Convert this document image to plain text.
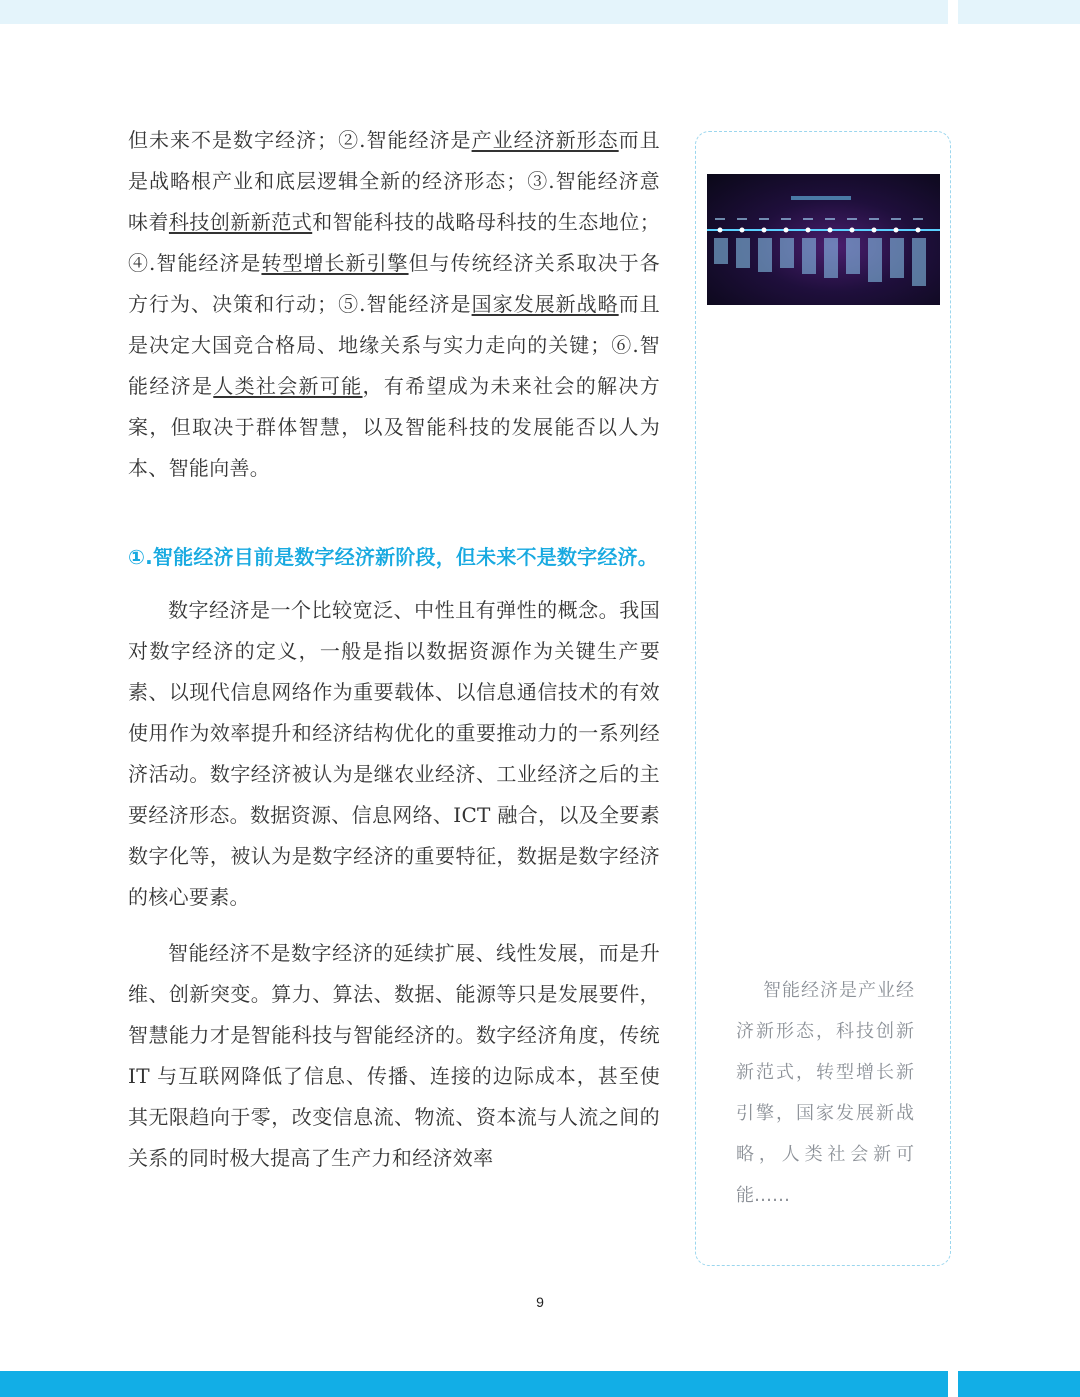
但未来不是数字经济；②.智能经济是产业经济新形态而且是战略根产业和底层逻辑全新的经济形态；③.智能经济意味着科技创新新范式和智能科技的战略母科技的生态地位；④.智能经济是转型增长新引擎但与传统经济关系取决于各方行为、决策和行动；⑤.智能经济是国家发展新战略而且是决定大国竞合格局、地缘关系与实力走向的关键；⑥.智能经济是人类社会新可能，有希望成为未来社会的解决方案，但取决于群体智慧，以及智能科技的发展能否以人为本、智能向善。

①.智能经济目前是数字经济新阶段，但未来不是数字经济。

数字经济是一个比较宽泛、中性且有弹性的概念。我国对数字经济的定义，一般是指以数据资源作为关键生产要素、以现代信息网络作为重要载体、以信息通信技术的有效使用作为效率提升和经济结构优化的重要推动力的一系列经济活动。数字经济被认为是继农业经济、工业经济之后的主要经济形态。数据资源、信息网络、ICT 融合，以及全要素数字化等，被认为是数字经济的重要特征，数据是数字经济的核心要素。

智能经济不是数字经济的延续扩展、线性发展，而是升维、创新突变。算力、算法、数据、能源等只是发展要件，智慧能力才是智能科技与智能经济的。数字经济角度，传统 IT 与互联网降低了信息、传播、连接的边际成本，甚至使其无限趋向于零，改变信息流、物流、资本流与人流之间的关系的同时极大提高了生产力和经济效率

智能经济是产业经济新形态，科技创新新范式，转型增长新引擎，国家发展新战略，人类社会新可能……

9
